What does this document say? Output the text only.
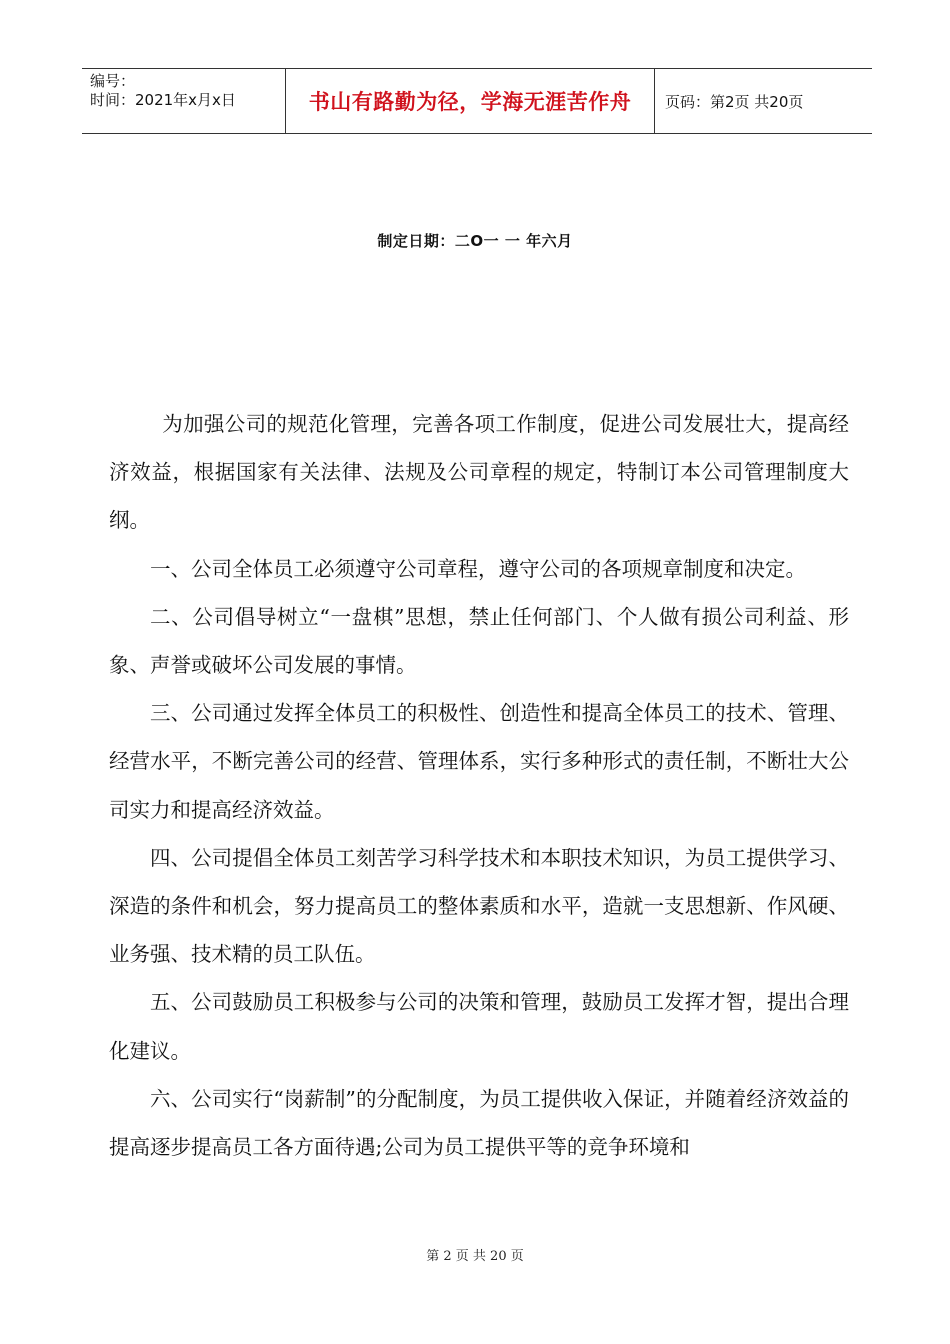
编号：
时间：2021年x月x日	书山有路勤为径，学海无涯苦作舟	页码：第2页 共20页
制定日期：二O一 一 年六月

为加强公司的规范化管理，完善各项工作制度，促进公司发展壮大，提高经济效益，根据国家有关法律、法规及公司章程的规定，特制订本公司管理制度大纲。

一、公司全体员工必须遵守公司章程，遵守公司的各项规章制度和决定。

二、公司倡导树立“一盘棋”思想，禁止任何部门、个人做有损公司利益、形象、声誉或破坏公司发展的事情。

三、公司通过发挥全体员工的积极性、创造性和提高全体员工的技术、管理、经营水平，不断完善公司的经营、管理体系，实行多种形式的责任制，不断壮大公司实力和提高经济效益。

四、公司提倡全体员工刻苦学习科学技术和本职技术知识，为员工提供学习、深造的条件和机会，努力提高员工的整体素质和水平，造就一支思想新、作风硬、业务强、技术精的员工队伍。

五、公司鼓励员工积极参与公司的决策和管理，鼓励员工发挥才智，提出合理化建议。

六、公司实行“岗薪制”的分配制度，为员工提供收入保证，并随着经济效益的提高逐步提高员工各方面待遇;公司为员工提供平等的竞争环境和

第 2 页 共 20 页
